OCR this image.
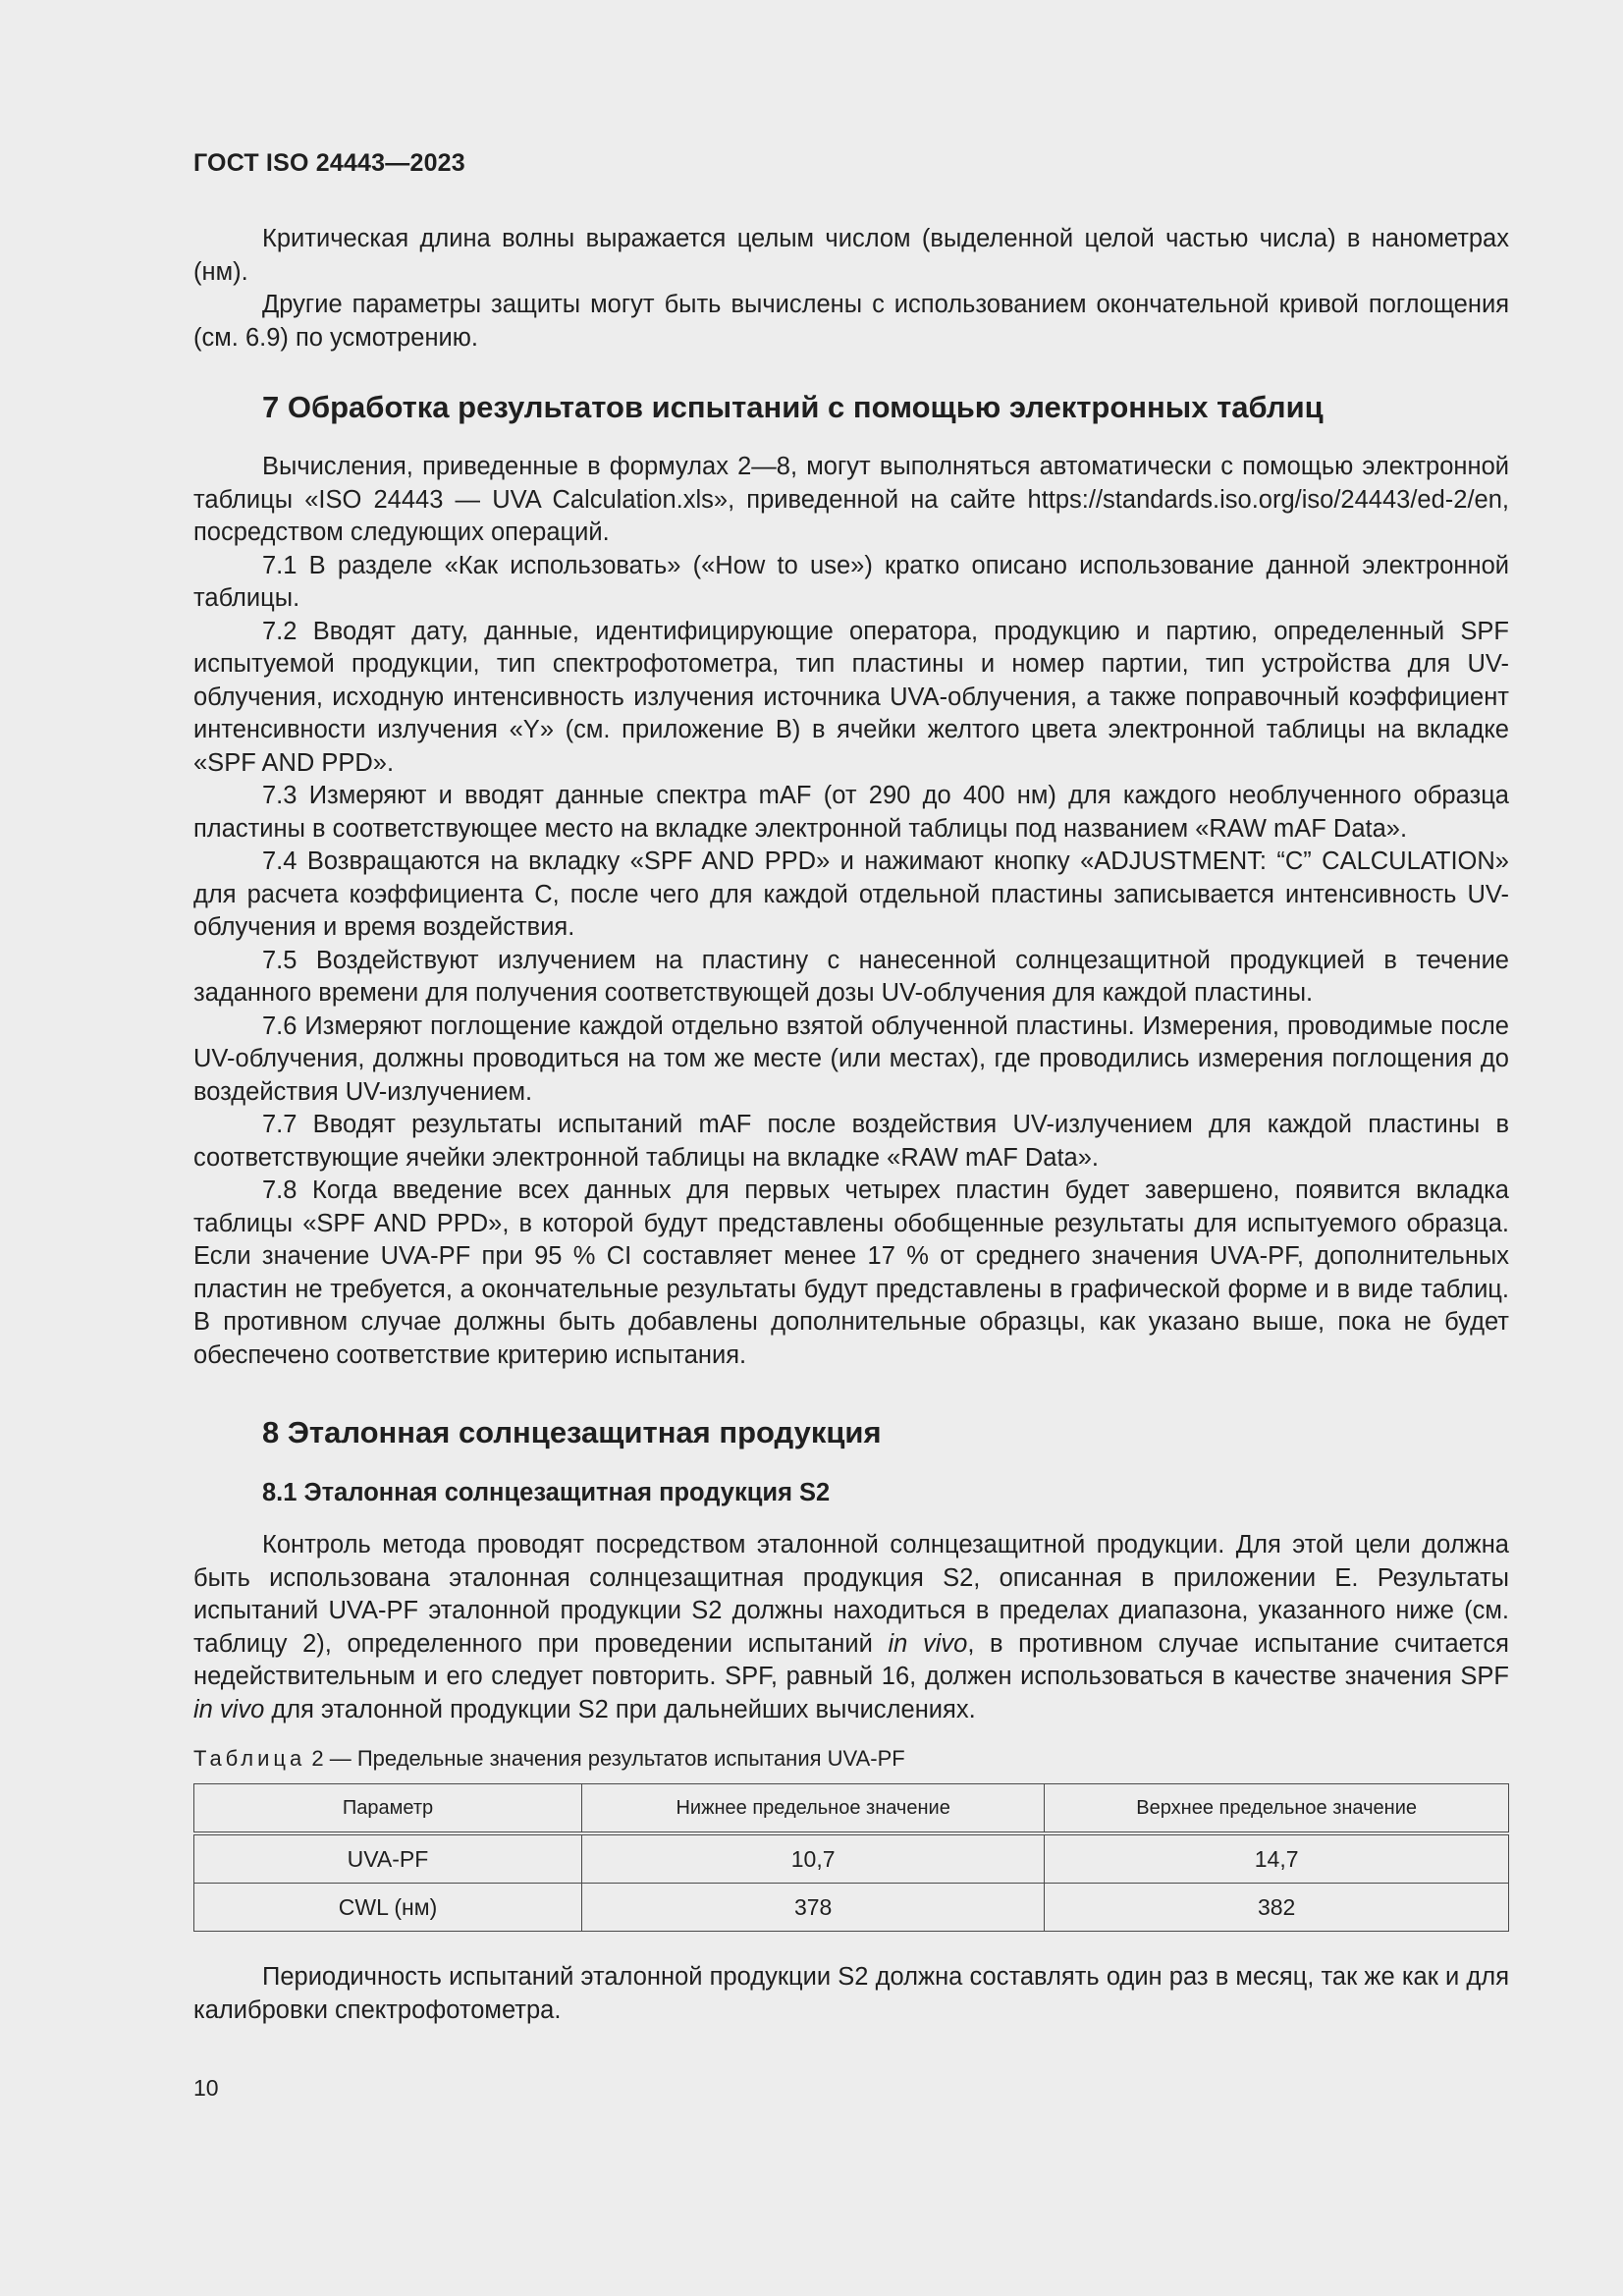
ГОСТ ISO 24443—2023

Критическая длина волны выражается целым числом (выделенной целой частью числа) в нанометрах (нм).

Другие параметры защиты могут быть вычислены с использованием окончательной кривой поглощения (см. 6.9) по усмотрению.

7 Обработка результатов испытаний с помощью электронных таблиц

Вычисления, приведенные в формулах 2—8, могут выполняться автоматически с помощью электронной таблицы «ISO 24443 — UVA Calculation.xls», приведенной на сайте https://standards.iso.org/iso/24443/ed-2/en, посредством следующих операций.

7.1 В разделе «Как использовать» («How to use») кратко описано использование данной электронной таблицы.

7.2 Вводят дату, данные, идентифицирующие оператора, продукцию и партию, определенный SPF испытуемой продукции, тип спектрофотометра, тип пластины и номер партии, тип устройства для UV-облучения, исходную интенсивность излучения источника UVA-облучения, а также поправочный коэффициент интенсивности излучения «Y» (см. приложение В) в ячейки желтого цвета электронной таблицы на вкладке «SPF AND PPD».

7.3 Измеряют и вводят данные спектра mAF (от 290 до 400 нм) для каждого необлученного образца пластины в соответствующее место на вкладке электронной таблицы под названием «RAW mAF Data».

7.4 Возвращаются на вкладку «SPF AND PPD» и нажимают кнопку «ADJUSTMENT: “C” CALCULATION» для расчета коэффициента С, после чего для каждой отдельной пластины записывается интенсивность UV-облучения и время воздействия.

7.5 Воздействуют излучением на пластину с нанесенной солнцезащитной продукцией в течение заданного времени для получения соответствующей дозы UV-облучения для каждой пластины.

7.6 Измеряют поглощение каждой отдельно взятой облученной пластины. Измерения, проводимые после UV-облучения, должны проводиться на том же месте (или местах), где проводились измерения поглощения до воздействия UV-излучением.

7.7 Вводят результаты испытаний mAF после воздействия UV-излучением для каждой пластины в соответствующие ячейки электронной таблицы на вкладке «RAW mAF Data».

7.8 Когда введение всех данных для первых четырех пластин будет завершено, появится вкладка таблицы «SPF AND PPD», в которой будут представлены обобщенные результаты для испытуемого образца. Если значение UVA-PF при 95 % CI составляет менее 17 % от среднего значения UVA-PF, дополнительных пластин не требуется, а окончательные результаты будут представлены в графической форме и в виде таблиц. В противном случае должны быть добавлены дополнительные образцы, как указано выше, пока не будет обеспечено соответствие критерию испытания.

8 Эталонная солнцезащитная продукция
8.1 Эталонная солнцезащитная продукция S2

Контроль метода проводят посредством эталонной солнцезащитной продукции. Для этой цели должна быть использована эталонная солнцезащитная продукция S2, описанная в приложении Е. Результаты испытаний UVA-PF эталонной продукции S2 должны находиться в пределах диапазона, указанного ниже (см. таблицу 2), определенного при проведении испытаний in vivo, в противном случае испытание считается недействительным и его следует повторить. SPF, равный 16, должен использоваться в качестве значения SPF in vivo для эталонной продукции S2 при дальнейших вычислениях.

Таблица 2 — Предельные значения результатов испытания UVA-PF
Параметр	Нижнее предельное значение	Верхнее предельное значение
UVA-PF	10,7	14,7
CWL (нм)	378	382

Периодичность испытаний эталонной продукции S2 должна составлять один раз в месяц, так же как и для калибровки спектрофотометра.

10
